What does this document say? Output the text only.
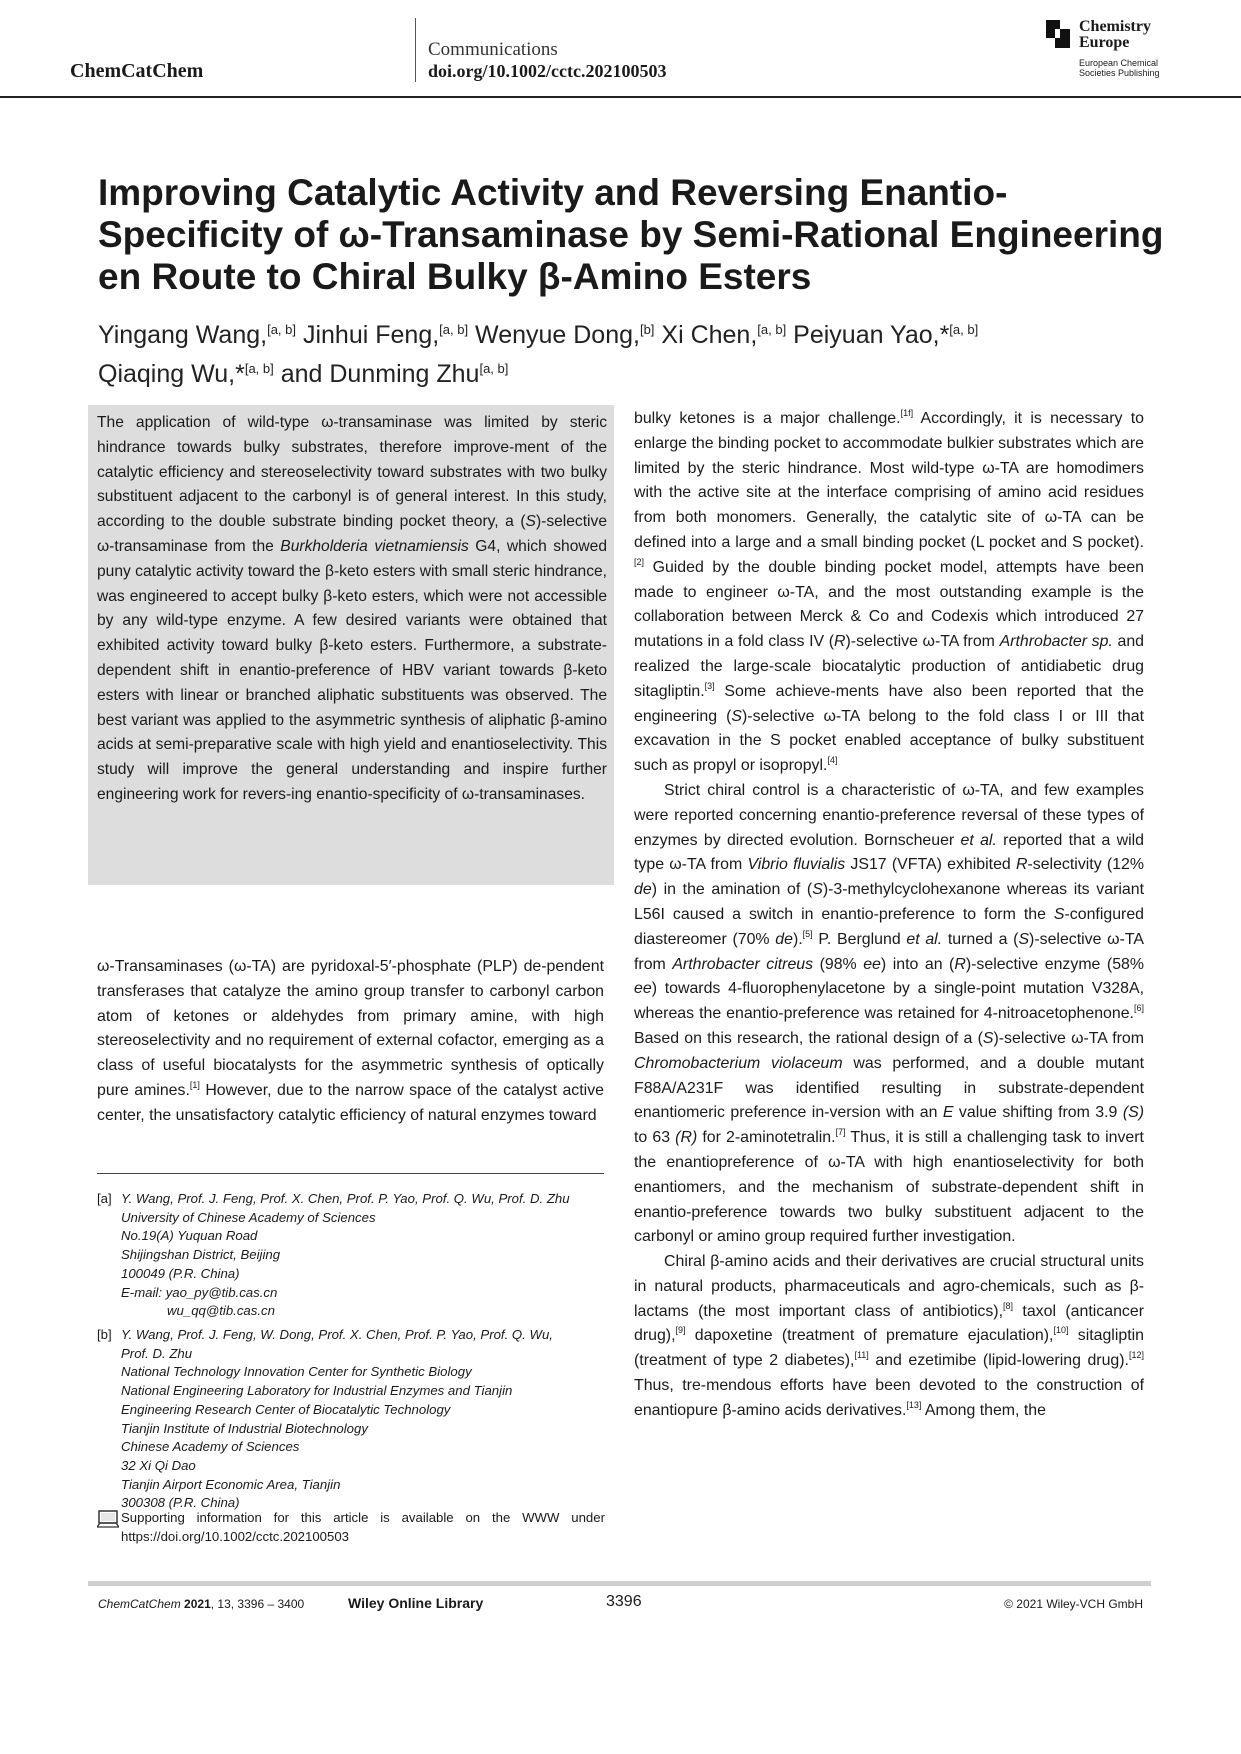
ChemCatChem
Communications
doi.org/10.1002/cctc.202100503
Chemistry
Europe
European Chemical
Societies Publishing
Improving Catalytic Activity and Reversing Enantio-Specificity of ω-Transaminase by Semi-Rational Engineering en Route to Chiral Bulky β-Amino Esters
Yingang Wang,[a, b] Jinhui Feng,[a, b] Wenyue Dong,[b] Xi Chen,[a, b] Peiyuan Yao,*[a, b]
Qiaqing Wu,*[a, b] and Dunming Zhu[a, b]
The application of wild-type ω-transaminase was limited by steric hindrance towards bulky substrates, therefore improve-ment of the catalytic efficiency and stereoselectivity toward substrates with two bulky substituent adjacent to the carbonyl is of general interest. In this study, according to the double substrate binding pocket theory, a (S)-selective ω-transaminase from the Burkholderia vietnamiensis G4, which showed puny catalytic activity toward the β-keto esters with small steric hindrance, was engineered to accept bulky β-keto esters, which were not accessible by any wild-type enzyme. A few desired variants were obtained that exhibited activity toward bulky β-keto esters. Furthermore, a substrate-dependent shift in enantio-preference of HBV variant towards β-keto esters with linear or branched aliphatic substituents was observed. The best variant was applied to the asymmetric synthesis of aliphatic β-amino acids at semi-preparative scale with high yield and enantioselectivity. This study will improve the general understanding and inspire further engineering work for revers-ing enantio-specificity of ω-transaminases.

ω-Transaminases (ω-TA) are pyridoxal-5′-phosphate (PLP) de-pendent transferases that catalyze the amino group transfer to carbonyl carbon atom of ketones or aldehydes from primary amine, with high stereoselectivity and no requirement of external cofactor, emerging as a class of useful biocatalysts for the asymmetric synthesis of optically pure amines.[1] However, due to the narrow space of the catalyst active center, the unsatisfactory catalytic efficiency of natural enzymes toward

[a] Y. Wang, Prof. J. Feng, Prof. X. Chen, Prof. P. Yao, Prof. Q. Wu, Prof. D. Zhu
University of Chinese Academy of Sciences
No.19(A) Yuquan Road
Shijingshan District, Beijing
100049 (P.R. China)
E-mail: yao_py@tib.cas.cn
wu_qq@tib.cas.cn
[b] Y. Wang, Prof. J. Feng, W. Dong, Prof. X. Chen, Prof. P. Yao, Prof. Q. Wu,
Prof. D. Zhu
National Technology Innovation Center for Synthetic Biology
National Engineering Laboratory for Industrial Enzymes and Tianjin
Engineering Research Center of Biocatalytic Technology
Tianjin Institute of Industrial Biotechnology
Chinese Academy of Sciences
32 Xi Qi Dao
Tianjin Airport Economic Area, Tianjin
300308 (P.R. China)
Supporting information for this article is available on the WWW under https://doi.org/10.1002/cctc.202100503

bulky ketones is a major challenge.[1f] Accordingly, it is necessary to enlarge the binding pocket to accommodate bulkier substrates which are limited by the steric hindrance. Most wild-type ω-TA are homodimers with the active site at the interface comprising of amino acid residues from both monomers. Generally, the catalytic site of ω-TA can be defined into a large and a small binding pocket (L pocket and S pocket).[2] Guided by the double binding pocket model, attempts have been made to engineer ω-TA, and the most outstanding example is the collaboration between Merck & Co and Codexis which introduced 27 mutations in a fold class IV (R)-selective ω-TA from Arthrobacter sp. and realized the large-scale biocatalytic production of antidiabetic drug sitagliptin.[3] Some achieve-ments have also been reported that the engineering (S)-selective ω-TA belong to the fold class I or III that excavation in the S pocket enabled acceptance of bulky substituent such as propyl or isopropyl.[4]

Strict chiral control is a characteristic of ω-TA, and few examples were reported concerning enantio-preference reversal of these types of enzymes by directed evolution. Bornscheuer et al. reported that a wild type ω-TA from Vibrio fluvialis JS17 (VFTA) exhibited R-selectivity (12% de) in the amination of (S)-3-methylcyclohexanone whereas its variant L56I caused a switch in enantio-preference to form the S-configured diastereomer (70% de).[5] P. Berglund et al. turned a (S)-selective ω-TA from Arthrobacter citreus (98% ee) into an (R)-selective enzyme (58% ee) towards 4-fluorophenylacetone by a single-point mutation V328A, whereas the enantio-preference was retained for 4-nitroacetophenone.[6] Based on this research, the rational design of a (S)-selective ω-TA from Chromobacterium violaceum was performed, and a double mutant F88A/A231F was identified resulting in substrate-dependent enantiomeric preference in-version with an E value shifting from 3.9 (S) to 63 (R) for 2-aminotetralin.[7] Thus, it is still a challenging task to invert the enantiopreference of ω-TA with high enantioselectivity for both enantiomers, and the mechanism of substrate-dependent shift in enantio-preference towards two bulky substituent adjacent to the carbonyl or amino group required further investigation.

Chiral β-amino acids and their derivatives are crucial structural units in natural products, pharmaceuticals and agro-chemicals, such as β-lactams (the most important class of antibiotics),[8] taxol (anticancer drug),[9] dapoxetine (treatment of premature ejaculation),[10] sitagliptin (treatment of type 2 diabetes),[11] and ezetimibe (lipid-lowering drug).[12] Thus, tre-mendous efforts have been devoted to the construction of enantiopure β-amino acids derivatives.[13] Among them, the

ChemCatChem 2021, 13, 3396 – 3400	Wiley Online Library	3396	© 2021 Wiley-VCH GmbH
